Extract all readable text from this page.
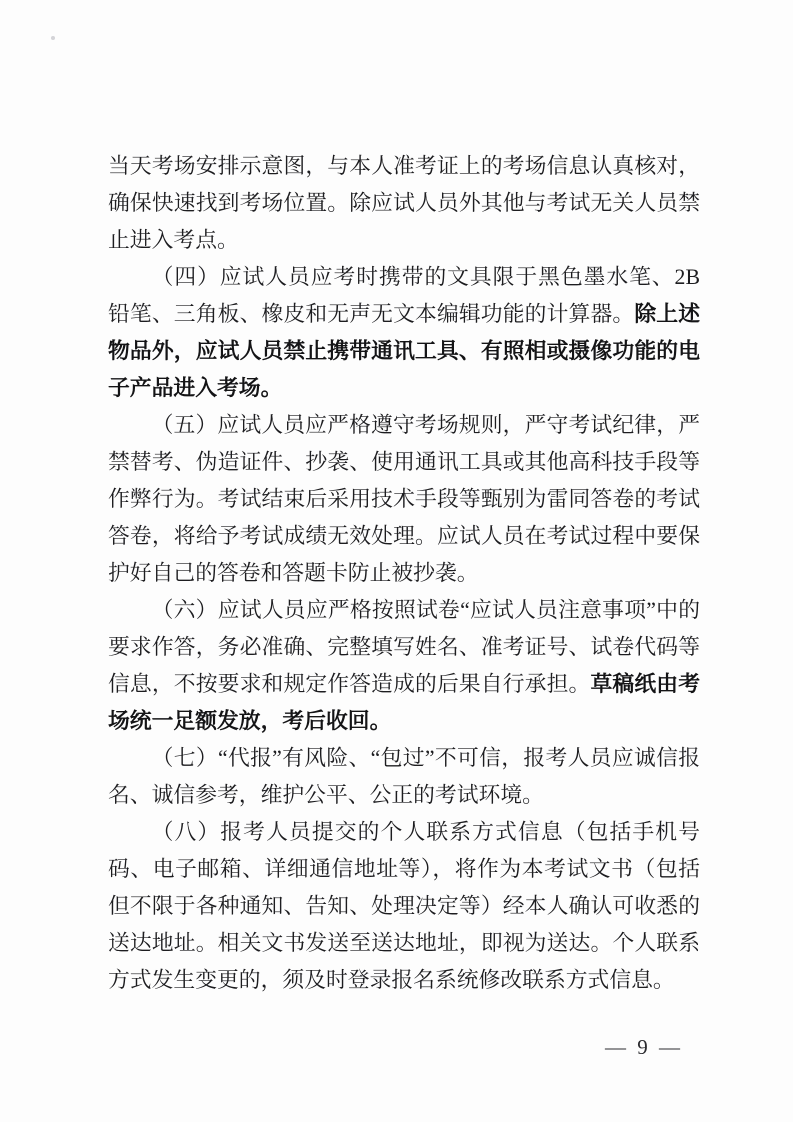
当天考场安排示意图，与本人准考证上的考场信息认真核对，确保快速找到考场位置。除应试人员外其他与考试无关人员禁止进入考点。

（四）应试人员应考时携带的文具限于黑色墨水笔、2B 铅笔、三角板、橡皮和无声无文本编辑功能的计算器。除上述物品外，应试人员禁止携带通讯工具、有照相或摄像功能的电子产品进入考场。

（五）应试人员应严格遵守考场规则，严守考试纪律，严禁替考、伪造证件、抄袭、使用通讯工具或其他高科技手段等作弊行为。考试结束后采用技术手段等甄别为雷同答卷的考试答卷，将给予考试成绩无效处理。应试人员在考试过程中要保护好自己的答卷和答题卡防止被抄袭。

（六）应试人员应严格按照试卷“应试人员注意事项”中的要求作答，务必准确、完整填写姓名、准考证号、试卷代码等信息，不按要求和规定作答造成的后果自行承担。草稿纸由考场统一足额发放，考后收回。

（七）“代报”有风险、“包过”不可信，报考人员应诚信报名、诚信参考，维护公平、公正的考试环境。

（八）报考人员提交的个人联系方式信息（包括手机号码、电子邮箱、详细通信地址等），将作为本考试文书（包括但不限于各种通知、告知、处理决定等）经本人确认可收悉的送达地址。相关文书发送至送达地址，即视为送达。个人联系方式发生变更的，须及时登录报名系统修改联系方式信息。

— 9 —
